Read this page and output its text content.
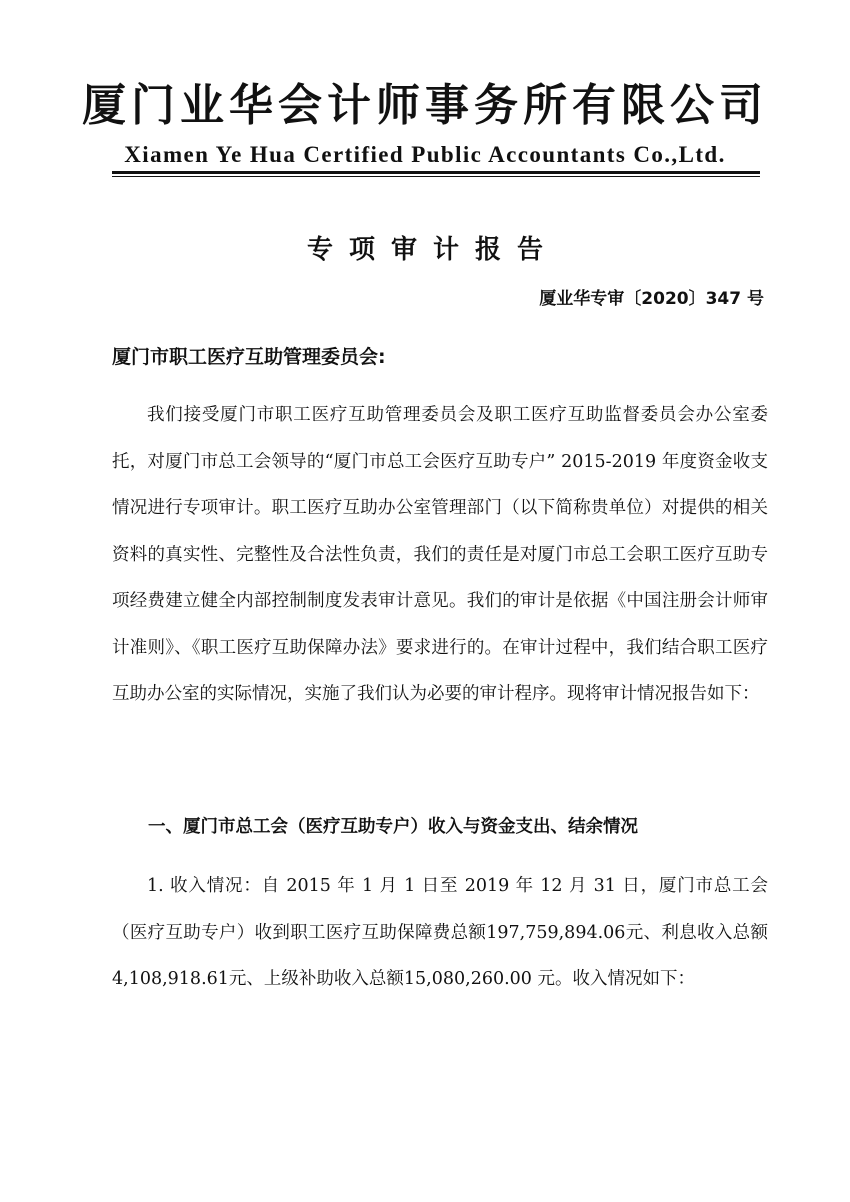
厦门业华会计师事务所有限公司
Xiamen Ye Hua Certified Public Accountants Co.,Ltd.
专项审计报告
厦业华专审〔2020〕347 号
厦门市职工医疗互助管理委员会:

我们接受厦门市职工医疗互助管理委员会及职工医疗互助监督委员会办公室委托，对厦门市总工会领导的“厦门市总工会医疗互助专户” 2015-2019 年度资金收支情况进行专项审计。职工医疗互助办公室管理部门（以下简称贵单位）对提供的相关资料的真实性、完整性及合法性负责，我们的责任是对厦门市总工会职工医疗互助专项经费建立健全内部控制制度发表审计意见。我们的审计是依据《中国注册会计师审计准则》、《职工医疗互助保障办法》要求进行的。在审计过程中，我们结合职工医疗互助办公室的实际情况，实施了我们认为必要的审计程序。现将审计情况报告如下：

一、厦门市总工会（医疗互助专户）收入与资金支出、结余情况

1. 收入情况：自 2015 年 1 月 1 日至 2019 年 12 月 31 日，厦门市总工会（医疗互助专户）收到职工医疗互助保障费总额197,759,894.06元、利息收入总额4,108,918.61元、上级补助收入总额15,080,260.00 元。收入情况如下：
